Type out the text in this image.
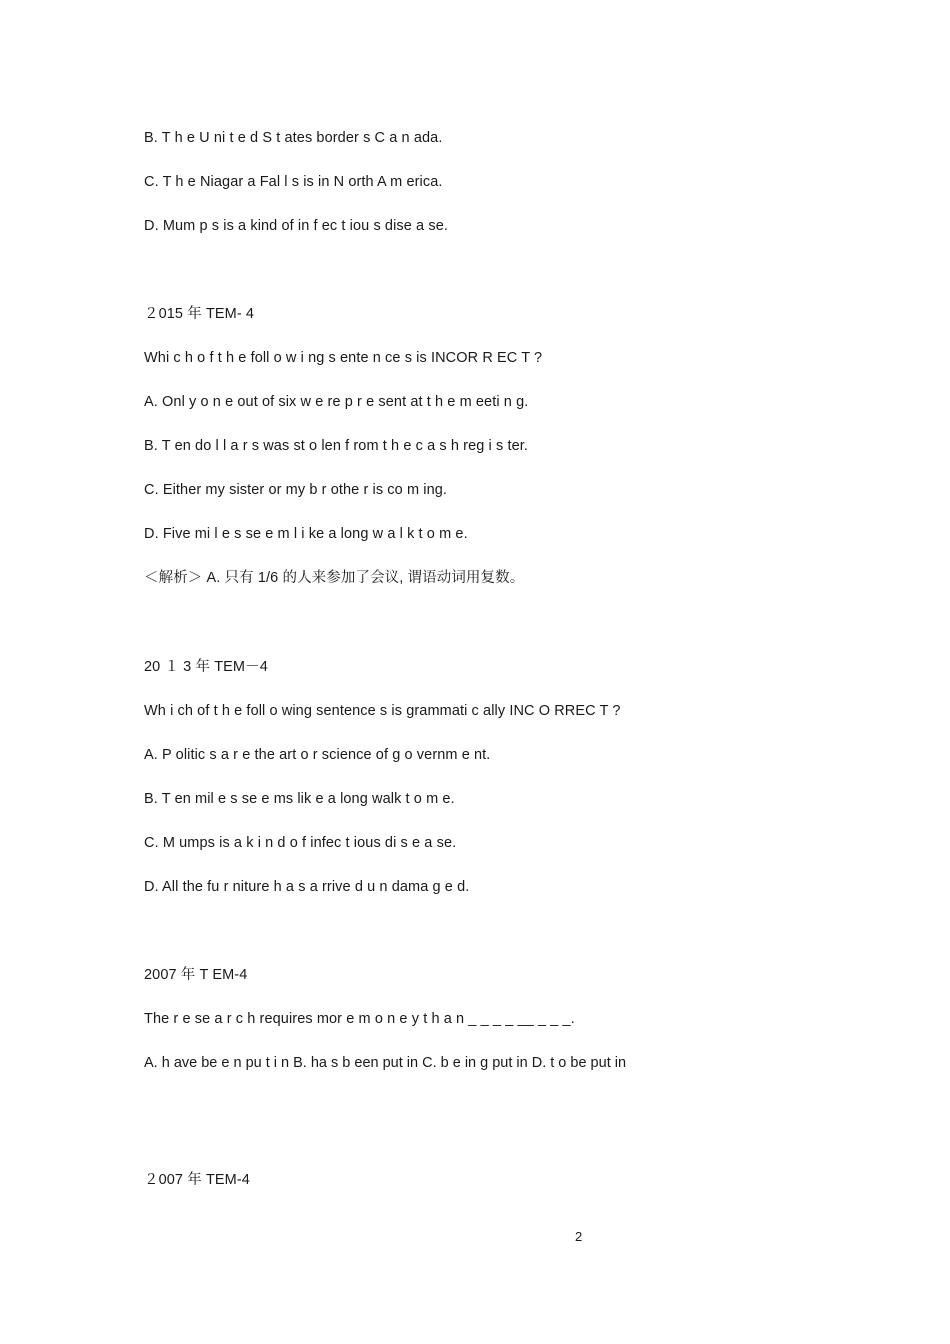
B. T h e U ni t e d S t ates border s C a n ada.
C. T h e Niagar a Fal l s is in N orth A m erica.
D. Mum p s is a kind of in f ec t iou s dise a se.
２015 年 TEM- 4
Whi c h o f t h e foll o w i ng s ente n ce s is INCOR R EC T ?
A. Onl y o n e out of six w e re p r e sent at t h e m eeti n g.
B. T en do l l a r s was st o len f rom t h e c a s h reg i s ter.
C. Either my sister or my b r othe r is co m ing.
D. Five mi l e s se e m l i ke a long w a l k t o m e.
＜解析＞ A. 只有 1/6 的人来参加了会议, 谓语动词用复数。
20 １ 3 年 TEM－4
Wh i ch of t h e foll o wing sentence s is grammati c ally INC O RREC T ?
A. P olitic s a r e the art o r science of g o vernm e nt.
B. T en mil e s se e ms lik e a long walk t o m e.
C. M umps is a k i n d o f infec t ious di s e a se.
D. All the fu r niture h a s a rrive d u n dama g e d.
2007 年 T EM-4
The r e se a r c h requires mor e m o n e y t h a n _ _ _ _ __ _ _ _.
A. h ave be e n pu t i n B. ha s b een put in C. b e in g put in D. t o be put in
２007 年 TEM-4
2
